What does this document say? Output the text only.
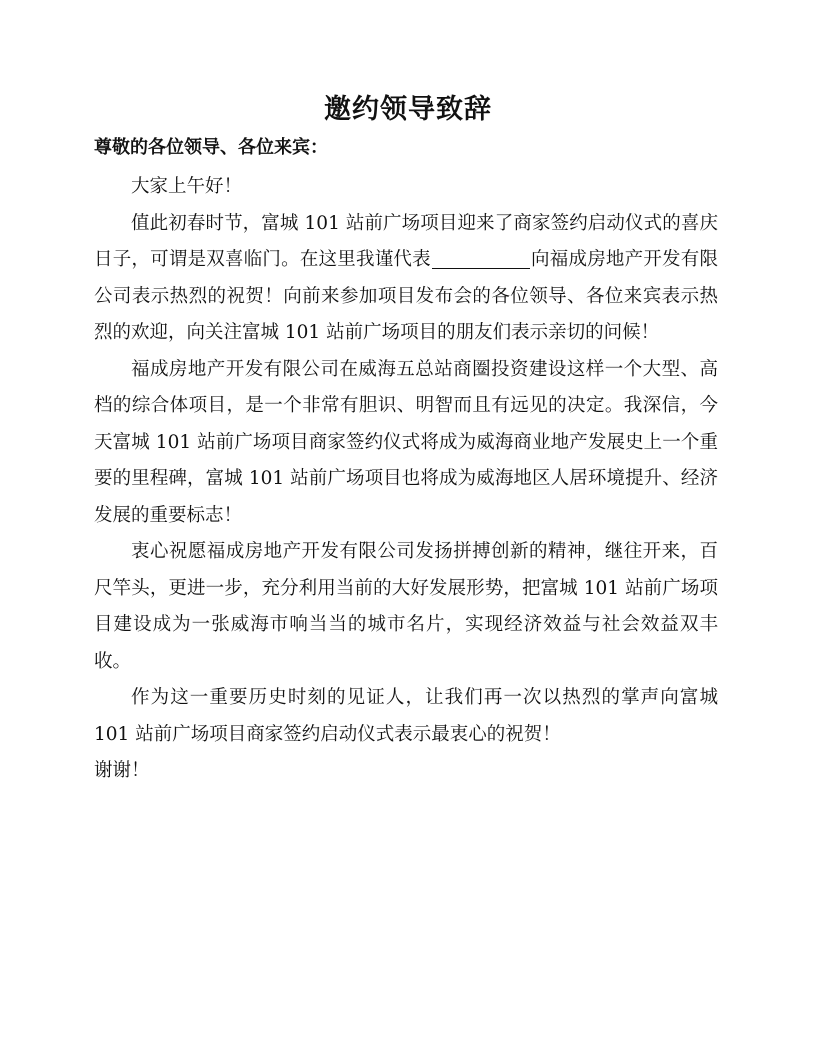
邀约领导致辞
尊敬的各位领导、各位来宾：

大家上午好！

值此初春时节，富城 101 站前广场项目迎来了商家签约启动仪式的喜庆日子，可谓是双喜临门。在这里我谨代表	向福成房地产开发有限公司表示热烈的祝贺！向前来参加项目发布会的各位领导、各位来宾表示热烈的欢迎，向关注富城 101 站前广场项目的朋友们表示亲切的问候！

福成房地产开发有限公司在威海五总站商圈投资建设这样一个大型、高档的综合体项目，是一个非常有胆识、明智而且有远见的决定。我深信，今天富城 101 站前广场项目商家签约仪式将成为威海商业地产发展史上一个重要的里程碑，富城 101 站前广场项目也将成为威海地区人居环境提升、经济发展的重要标志！

衷心祝愿福成房地产开发有限公司发扬拼搏创新的精神，继往开来，百尺竿头，更进一步，充分利用当前的大好发展形势，把富城 101 站前广场项目建设成为一张威海市响当当的城市名片，实现经济效益与社会效益双丰收。

作为这一重要历史时刻的见证人，让我们再一次以热烈的掌声向富城 101 站前广场项目商家签约启动仪式表示最衷心的祝贺！

谢谢！
